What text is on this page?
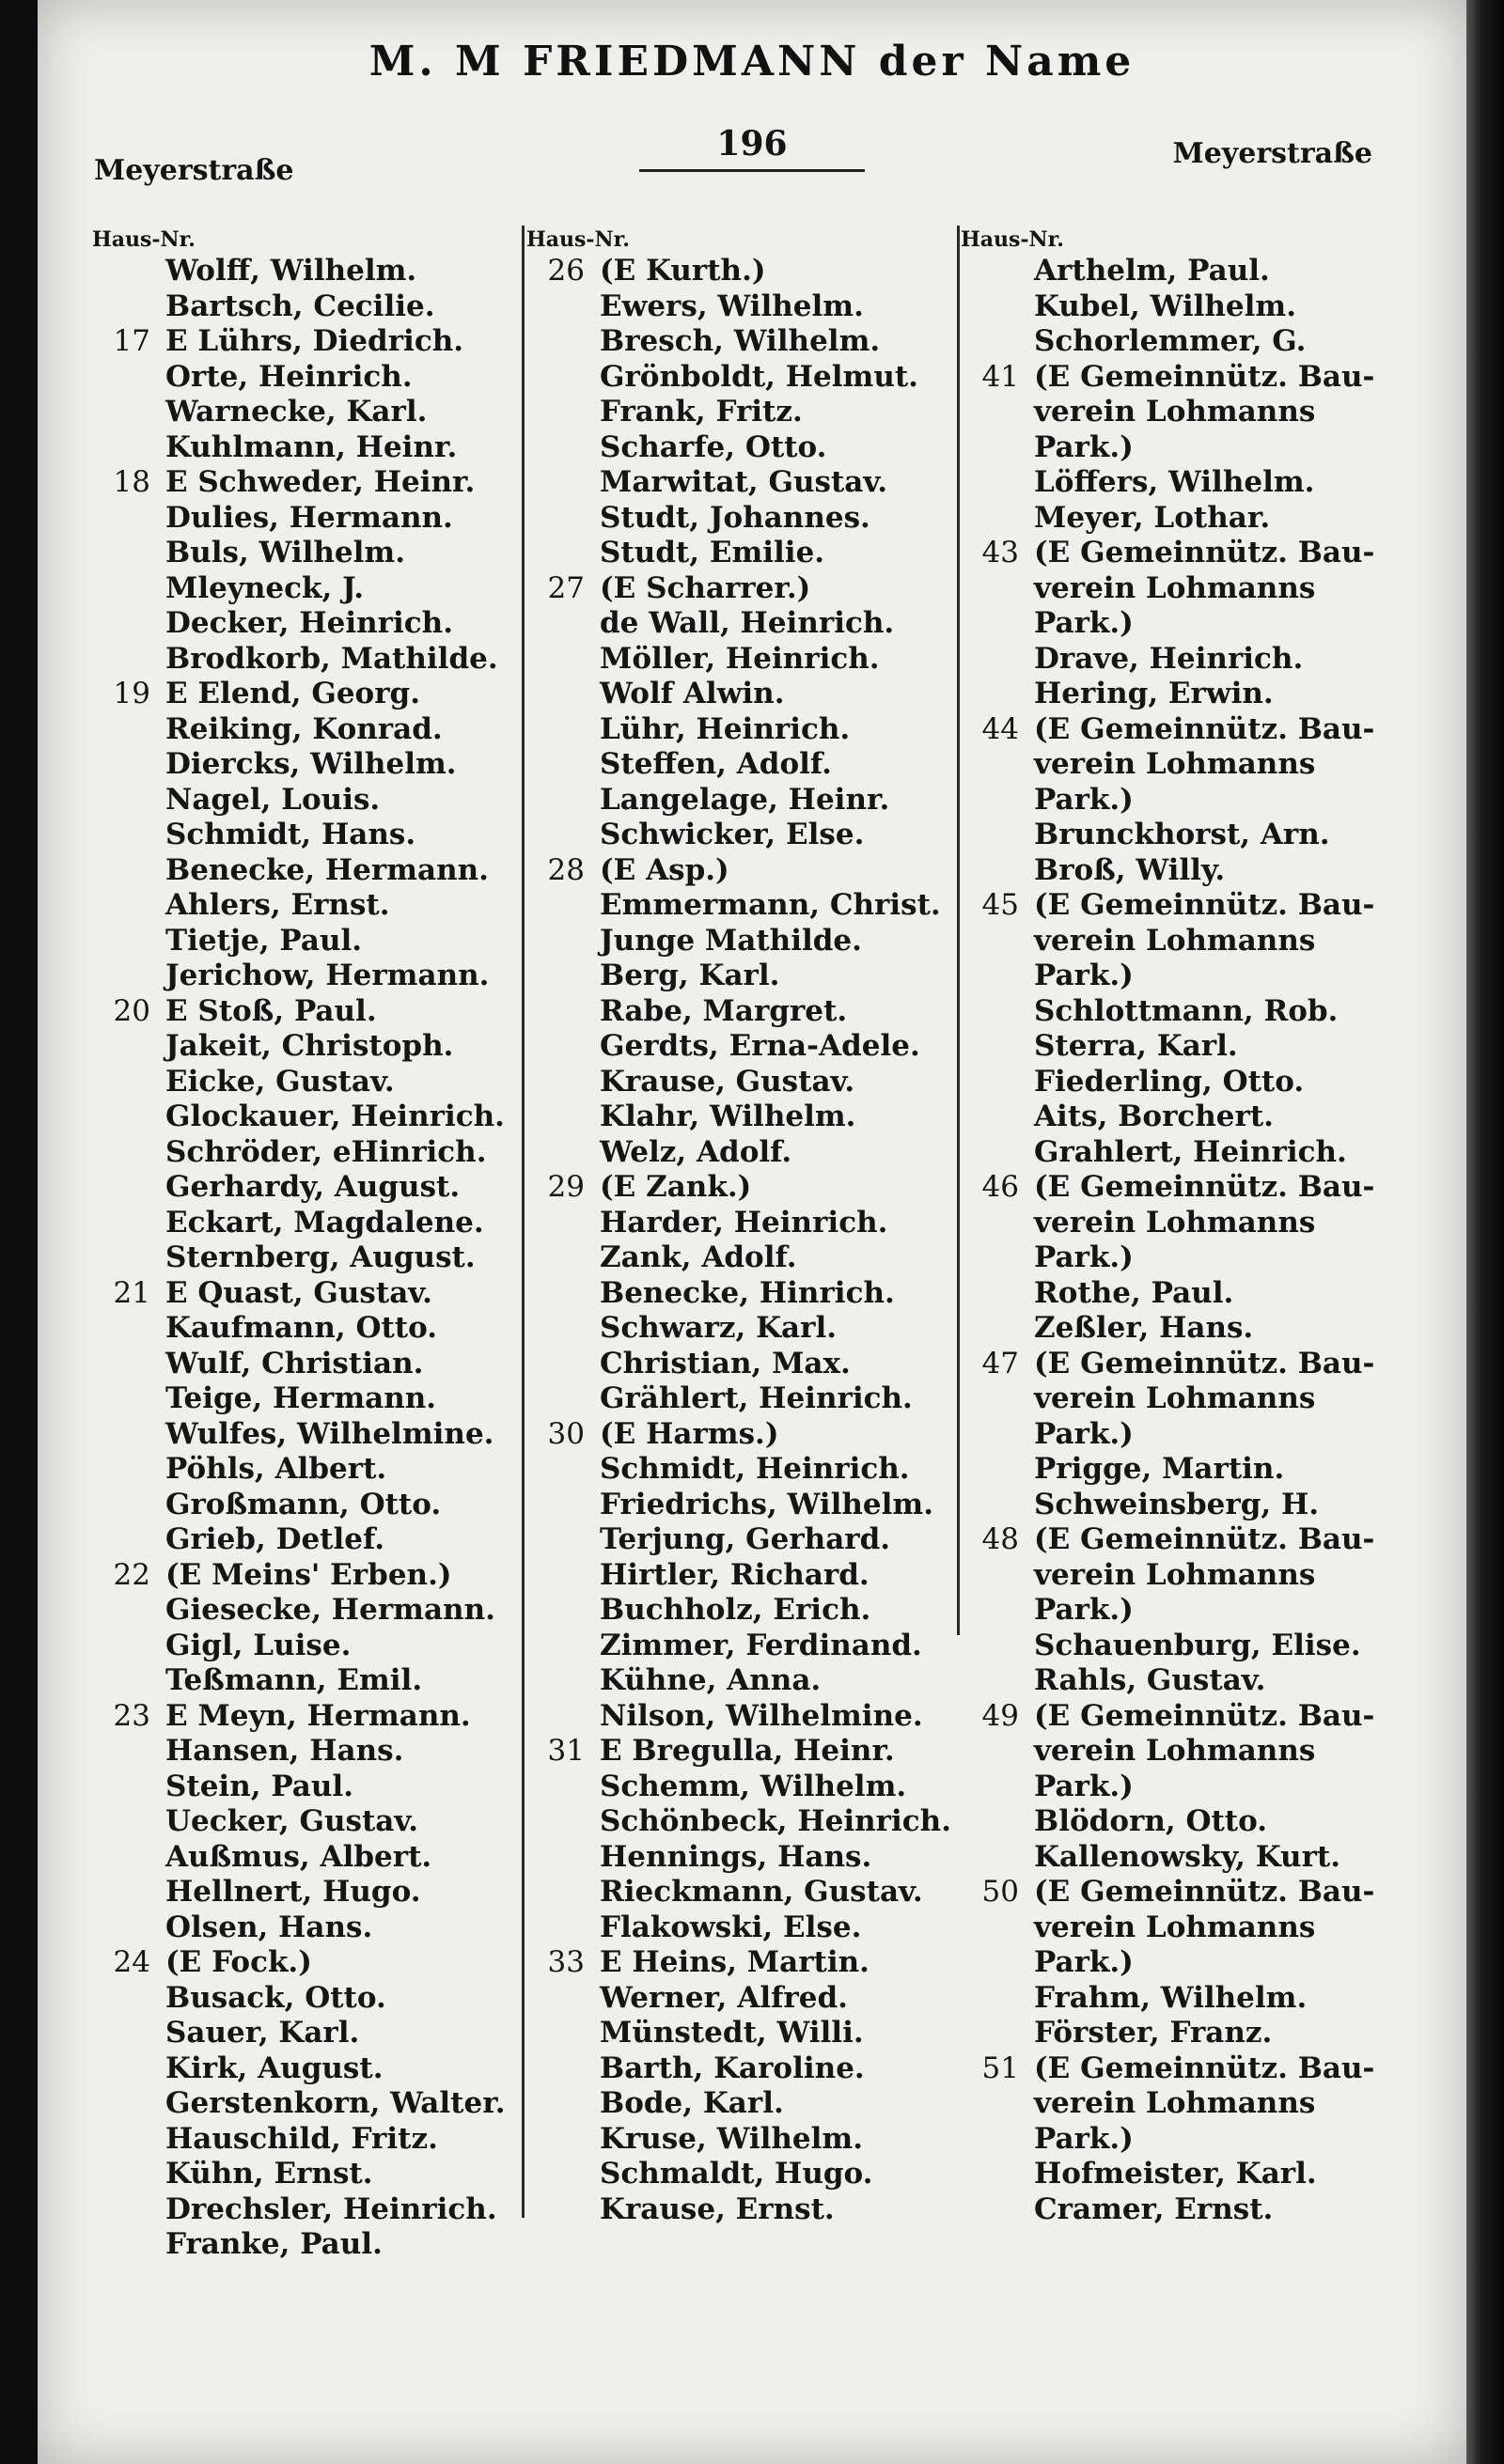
M. M FRIEDMANN der Name
Meyerstraße
196	Meyerstraße
Haus-Nr.
Wolff, Wilhelm.
Bartsch, Cecilie.
17 E Lührs, Diedrich.
Orte, Heinrich.
Warnecke, Karl.
Kuhlmann, Heinr.
18 E Schweder, Heinr.
Dulies, Hermann.
Buls, Wilhelm.
Mleyneck, J.
Decker, Heinrich.
Brodkorb, Mathilde.
19 E Elend, Georg.
Reiking, Konrad.
Diercks, Wilhelm.
Nagel, Louis.
Schmidt, Hans.
Benecke, Hermann.
Ahlers, Ernst.
Tietje, Paul.
Jerichow, Hermann.
20 E Stoß, Paul.
Jakeit, Christoph.
Eicke, Gustav.
Glockauer, Heinrich.
Schröder, eHinrich.
Gerhardy, August.
Eckart, Magdalene.
Sternberg, August.
21 E Quast, Gustav.
Kaufmann, Otto.
Wulf, Christian.
Teige, Hermann.
Wulfes, Wilhelmine.
Pöhls, Albert.
Großmann, Otto.
Grieb, Detlef.
22 (E Meins' Erben.)
Giesecke, Hermann.
Gigl, Luise.
Teßmann, Emil.
23 E Meyn, Hermann.
Hansen, Hans.
Stein, Paul.
Uecker, Gustav.
Außmus, Albert.
Hellnert, Hugo.
Olsen, Hans.
24 (E Fock.)
Busack, Otto.
Sauer, Karl.
Kirk, August.
Gerstenkorn, Walter.
Hauschild, Fritz.
Kühn, Ernst.
Drechsler, Heinrich.
Franke, Paul.
Haus-Nr.
26 (E Kurth.)
Ewers, Wilhelm.
Bresch, Wilhelm.
Grönboldt, Helmut.
Frank, Fritz.
Scharfe, Otto.
Marwitat, Gustav.
Studt, Johannes.
Studt, Emilie.
27 (E Scharrer.)
de Wall, Heinrich.
Möller, Heinrich.
Wolf Alwin.
Lühr, Heinrich.
Steffen, Adolf.
Langelage, Heinr.
Schwicker, Else.
28 (E Asp.)
Emmermann, Christ.
Junge Mathilde.
Berg, Karl.
Rabe, Margret.
Gerdts, Erna-Adele.
Krause, Gustav.
Klahr, Wilhelm.
Welz, Adolf.
29 (E Zank.)
Harder, Heinrich.
Zank, Adolf.
Benecke, Hinrich.
Schwarz, Karl.
Christian, Max.
Grählert, Heinrich.
30 (E Harms.)
Schmidt, Heinrich.
Friedrichs, Wilhelm.
Terjung, Gerhard.
Hirtler, Richard.
Buchholz, Erich.
Zimmer, Ferdinand.
Kühne, Anna.
Nilson, Wilhelmine.
31 E Bregulla, Heinr.
Schemm, Wilhelm.
Schönbeck, Heinrich.
Hennings, Hans.
Rieckmann, Gustav.
Flakowski, Else.
33 E Heins, Martin.
Werner, Alfred.
Münstedt, Willi.
Barth, Karoline.
Bode, Karl.
Kruse, Wilhelm.
Schmaldt, Hugo.
Krause, Ernst.
Haus-Nr.
Arthelm, Paul.
Kubel, Wilhelm.
Schorlemmer, G.
41 (E Gemeinnütz. Bau-
verein Lohmanns
Park.)
Löffers, Wilhelm.
Meyer, Lothar.
43 (E Gemeinnütz. Bau-
verein Lohmanns
Park.)
Drave, Heinrich.
Hering, Erwin.
44 (E Gemeinnütz. Bau-
verein Lohmanns
Park.)
Brunckhorst, Arn.
Broß, Willy.
45 (E Gemeinnütz. Bau-
verein Lohmanns
Park.)
Schlottmann, Rob.
Sterra, Karl.
Fiederling, Otto.
Aits, Borchert.
Grahlert, Heinrich.
46 (E Gemeinnütz. Bau-
verein Lohmanns
Park.)
Rothe, Paul.
Zeßler, Hans.
47 (E Gemeinnütz. Bau-
verein Lohmanns
Park.)
Prigge, Martin.
Schweinsberg, H.
48 (E Gemeinnütz. Bau-
verein Lohmanns
Park.)
Schauenburg, Elise.
Rahls, Gustav.
49 (E Gemeinnütz. Bau-
verein Lohmanns
Park.)
Blödorn, Otto.
Kallenowsky, Kurt.
50 (E Gemeinnütz. Bau-
verein Lohmanns
Park.)
Frahm, Wilhelm.
Förster, Franz.
51 (E Gemeinnütz. Bau-
verein Lohmanns
Park.)
Hofmeister, Karl.
Cramer, Ernst.
